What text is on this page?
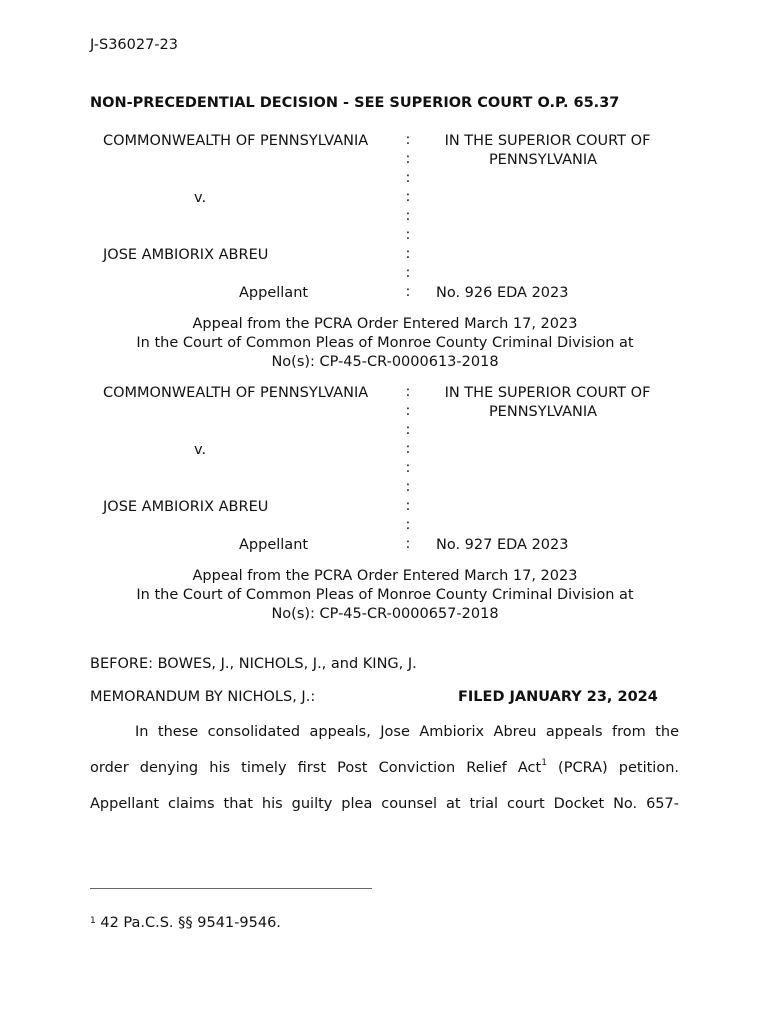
J-S36027-23
NON-PRECEDENTIAL DECISION - SEE SUPERIOR COURT O.P. 65.37
COMMONWEALTH OF PENNSYLVANIA
v.
JOSE AMBIORIX ABREU
Appellant
:
:
:
:
:
:
:
:
:
IN THE SUPERIOR COURT OF
PENNSYLVANIA
No. 926 EDA 2023
Appeal from the PCRA Order Entered March 17, 2023
In the Court of Common Pleas of Monroe County Criminal Division at
No(s): CP-45-CR-0000613-2018
COMMONWEALTH OF PENNSYLVANIA
v.
JOSE AMBIORIX ABREU
Appellant
:
:
:
:
:
:
:
:
:
IN THE SUPERIOR COURT OF
PENNSYLVANIA
No. 927 EDA 2023
Appeal from the PCRA Order Entered March 17, 2023
In the Court of Common Pleas of Monroe County Criminal Division at
No(s): CP-45-CR-0000657-2018
BEFORE: BOWES, J., NICHOLS, J., and KING, J.
MEMORANDUM BY NICHOLS, J.:	FILED JANUARY 23, 2024
In these consolidated appeals, Jose Ambiorix Abreu appeals from the
order denying his timely first Post Conviction Relief Act$^1$ (PCRA) petition.
Appellant claims that his guilty plea counsel at trial court Docket No. 657-
$^1$ 42 Pa.C.S. §§ 9541-9546.
